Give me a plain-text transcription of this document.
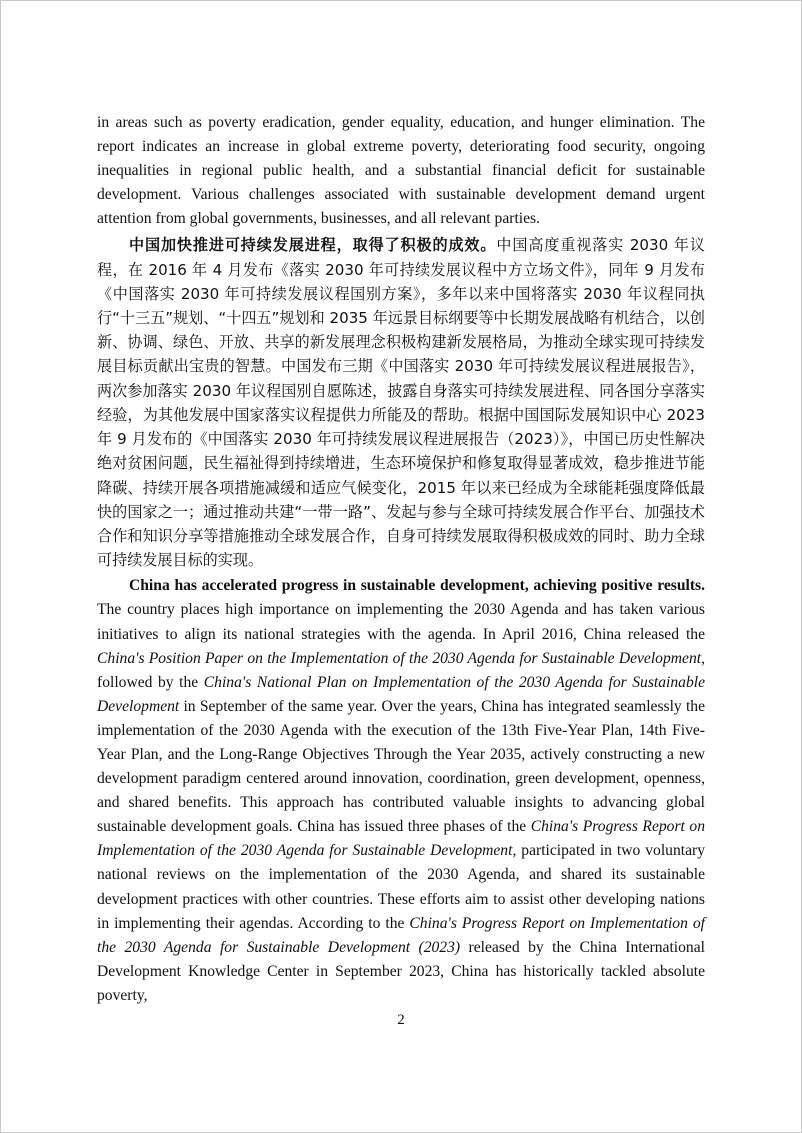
in areas such as poverty eradication, gender equality, education, and hunger elimination. The report indicates an increase in global extreme poverty, deteriorating food security, ongoing inequalities in regional public health, and a substantial financial deficit for sustainable development. Various challenges associated with sustainable development demand urgent attention from global governments, businesses, and all relevant parties.

中国加快推进可持续发展进程，取得了积极的成效。中国高度重视落实 2030 年议程，在 2016 年 4 月发布《落实 2030 年可持续发展议程中方立场文件》，同年 9 月发布《中国落实 2030 年可持续发展议程国别方案》，多年以来中国将落实 2030 年议程同执行“十三五”规划、“十四五”规划和 2035 年远景目标纲要等中长期发展战略有机结合，以创新、协调、绿色、开放、共享的新发展理念积极构建新发展格局，为推动全球实现可持续发展目标贡献出宝贵的智慧。中国发布三期《中国落实 2030 年可持续发展议程进展报告》，两次参加落实 2030 年议程国别自愿陈述，披露自身落实可持续发展进程、同各国分享落实经验，为其他发展中国家落实议程提供力所能及的帮助。根据中国国际发展知识中心 2023 年 9 月发布的《中国落实 2030 年可持续发展议程进展报告（2023）》，中国已历史性解决绝对贫困问题，民生福祉得到持续增进，生态环境保护和修复取得显著成效，稳步推进节能降碳、持续开展各项措施减缓和适应气候变化，2015 年以来已经成为全球能耗强度降低最快的国家之一；通过推动共建“一带一路”、发起与参与全球可持续发展合作平台、加强技术合作和知识分享等措施推动全球发展合作，自身可持续发展取得积极成效的同时、助力全球可持续发展目标的实现。

China has accelerated progress in sustainable development, achieving positive results. The country places high importance on implementing the 2030 Agenda and has taken various initiatives to align its national strategies with the agenda. In April 2016, China released the China's Position Paper on the Implementation of the 2030 Agenda for Sustainable Development, followed by the China's National Plan on Implementation of the 2030 Agenda for Sustainable Development in September of the same year. Over the years, China has integrated seamlessly the implementation of the 2030 Agenda with the execution of the 13th Five-Year Plan, 14th Five-Year Plan, and the Long-Range Objectives Through the Year 2035, actively constructing a new development paradigm centered around innovation, coordination, green development, openness, and shared benefits. This approach has contributed valuable insights to advancing global sustainable development goals. China has issued three phases of the China's Progress Report on Implementation of the 2030 Agenda for Sustainable Development, participated in two voluntary national reviews on the implementation of the 2030 Agenda, and shared its sustainable development practices with other countries. These efforts aim to assist other developing nations in implementing their agendas. According to the China's Progress Report on Implementation of the 2030 Agenda for Sustainable Development (2023) released by the China International Development Knowledge Center in September 2023, China has historically tackled absolute poverty,

2
